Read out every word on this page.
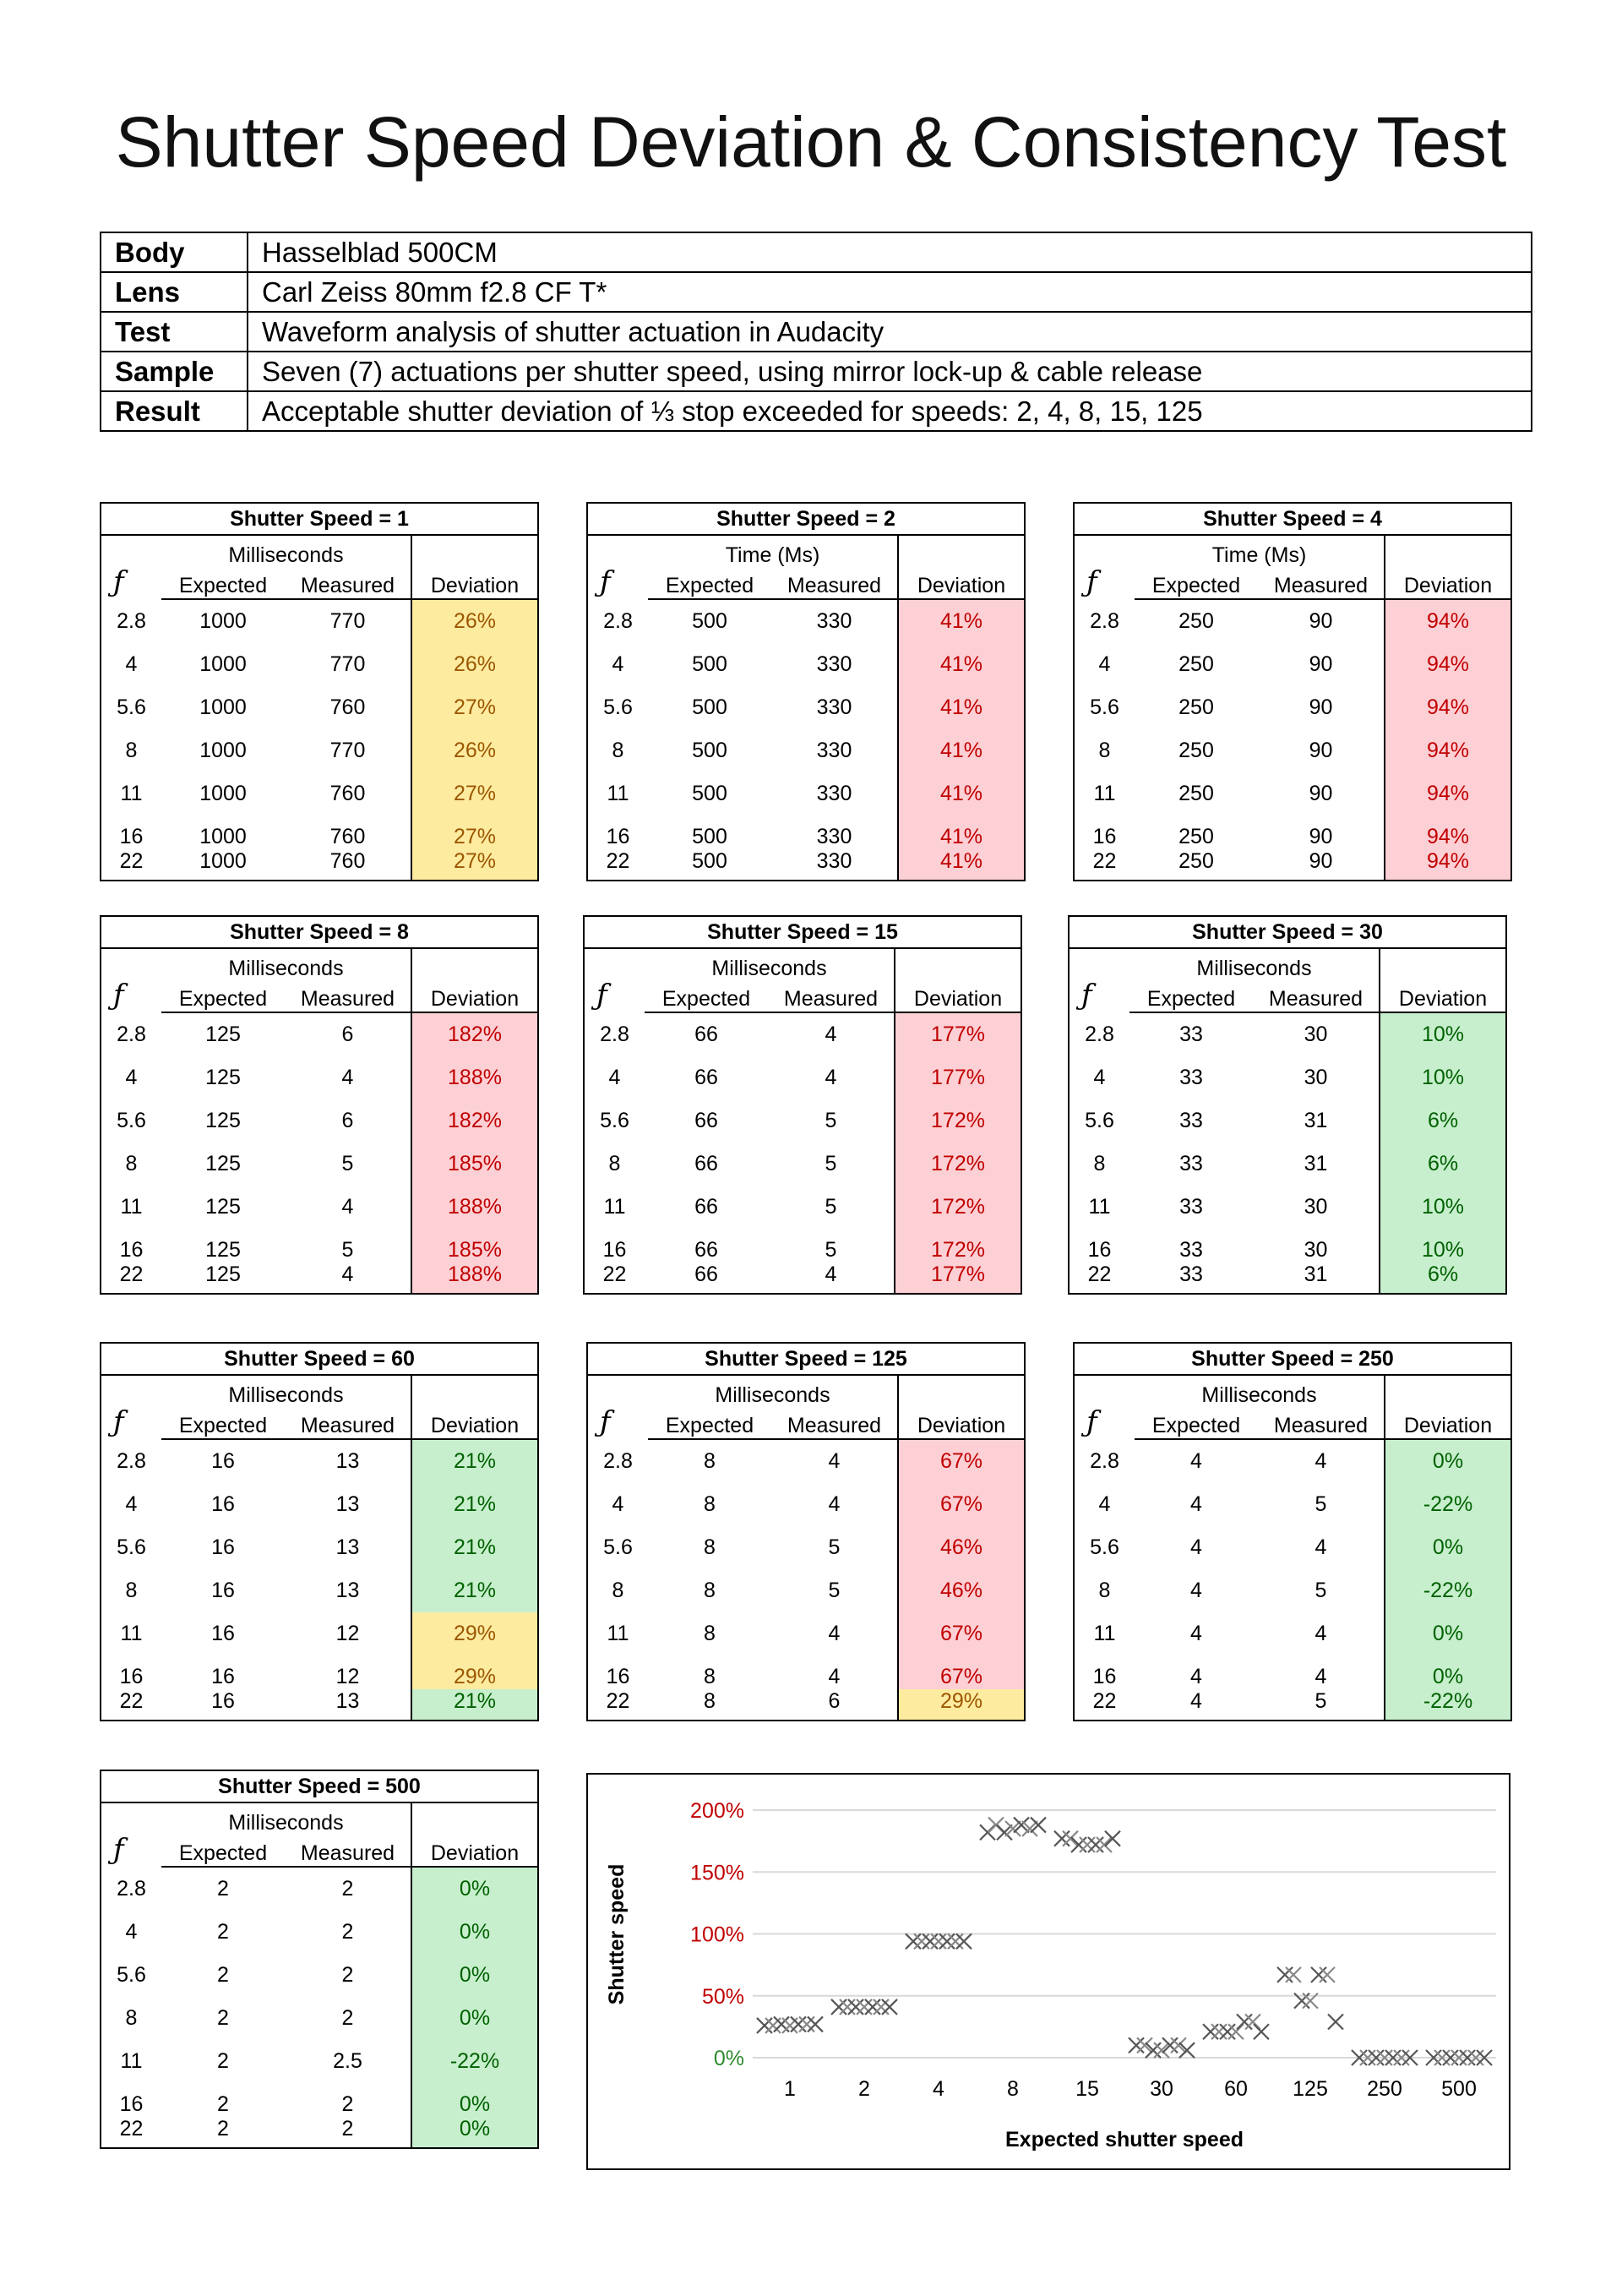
Shutter Speed Deviation & Consistency Test
Body	Hasselblad 500CM
Lens	Carl Zeiss 80mm f2.8 CF T*
Test	Waveform analysis of shutter actuation in Audacity
Sample	Seven (7) actuations per shutter speed, using mirror lock-up & cable release
Result	Acceptable shutter deviation of ⅓ stop exceeded for speeds: 2, 4, 8, 15, 125
Shutter Speed = 1			
ƒ	Milliseconds		
	Expected	Measured	Deviation
2.8	1000	770	26%
4	1000	770	26%
5.6	1000	760	27%
8	1000	770	26%
11	1000	760	27%
16	1000	760	27%
22	1000	760	27%
Shutter Speed = 2			
ƒ	Time (Ms)		
	Expected	Measured	Deviation
2.8	500	330	41%
4	500	330	41%
5.6	500	330	41%
8	500	330	41%
11	500	330	41%
16	500	330	41%
22	500	330	41%
Shutter Speed = 4			
ƒ	Time (Ms)		
	Expected	Measured	Deviation
2.8	250	90	94%
4	250	90	94%
5.6	250	90	94%
8	250	90	94%
11	250	90	94%
16	250	90	94%
22	250	90	94%
Shutter Speed = 8			
ƒ	Milliseconds		
	Expected	Measured	Deviation
2.8	125	6	182%
4	125	4	188%
5.6	125	6	182%
8	125	5	185%
11	125	4	188%
16	125	5	185%
22	125	4	188%
Shutter Speed = 15			
ƒ	Milliseconds		
	Expected	Measured	Deviation
2.8	66	4	177%
4	66	4	177%
5.6	66	5	172%
8	66	5	172%
11	66	5	172%
16	66	5	172%
22	66	4	177%
Shutter Speed = 30			
ƒ	Milliseconds		
	Expected	Measured	Deviation
2.8	33	30	10%
4	33	30	10%
5.6	33	31	6%
8	33	31	6%
11	33	30	10%
16	33	30	10%
22	33	31	6%
Shutter Speed = 60			
ƒ	Milliseconds		
	Expected	Measured	Deviation
2.8	16	13	21%
4	16	13	21%
5.6	16	13	21%
8	16	13	21%
11	16	12	29%
16	16	12	29%
22	16	13	21%
Shutter Speed = 125			
ƒ	Milliseconds		
	Expected	Measured	Deviation
2.8	8	4	67%
4	8	4	67%
5.6	8	5	46%
8	8	5	46%
11	8	4	67%
16	8	4	67%
22	8	6	29%
Shutter Speed = 250			
ƒ	Milliseconds		
	Expected	Measured	Deviation
2.8	4	4	0%
4	4	5	-22%
5.6	4	4	0%
8	4	5	-22%
11	4	4	0%
16	4	4	0%
22	4	5	-22%
Shutter Speed = 500			
ƒ	Milliseconds		
	Expected	Measured	Deviation
2.8	2	2	0%
4	2	2	0%
5.6	2	2	0%
8	2	2	0%
11	2	2.5	-22%
16	2	2	0%
22	2	2	0%
0%
50%
100%
150%
200%
1	2	4	8	15 30 60 125 250 500
Expected shutter speed
Shutter speed
